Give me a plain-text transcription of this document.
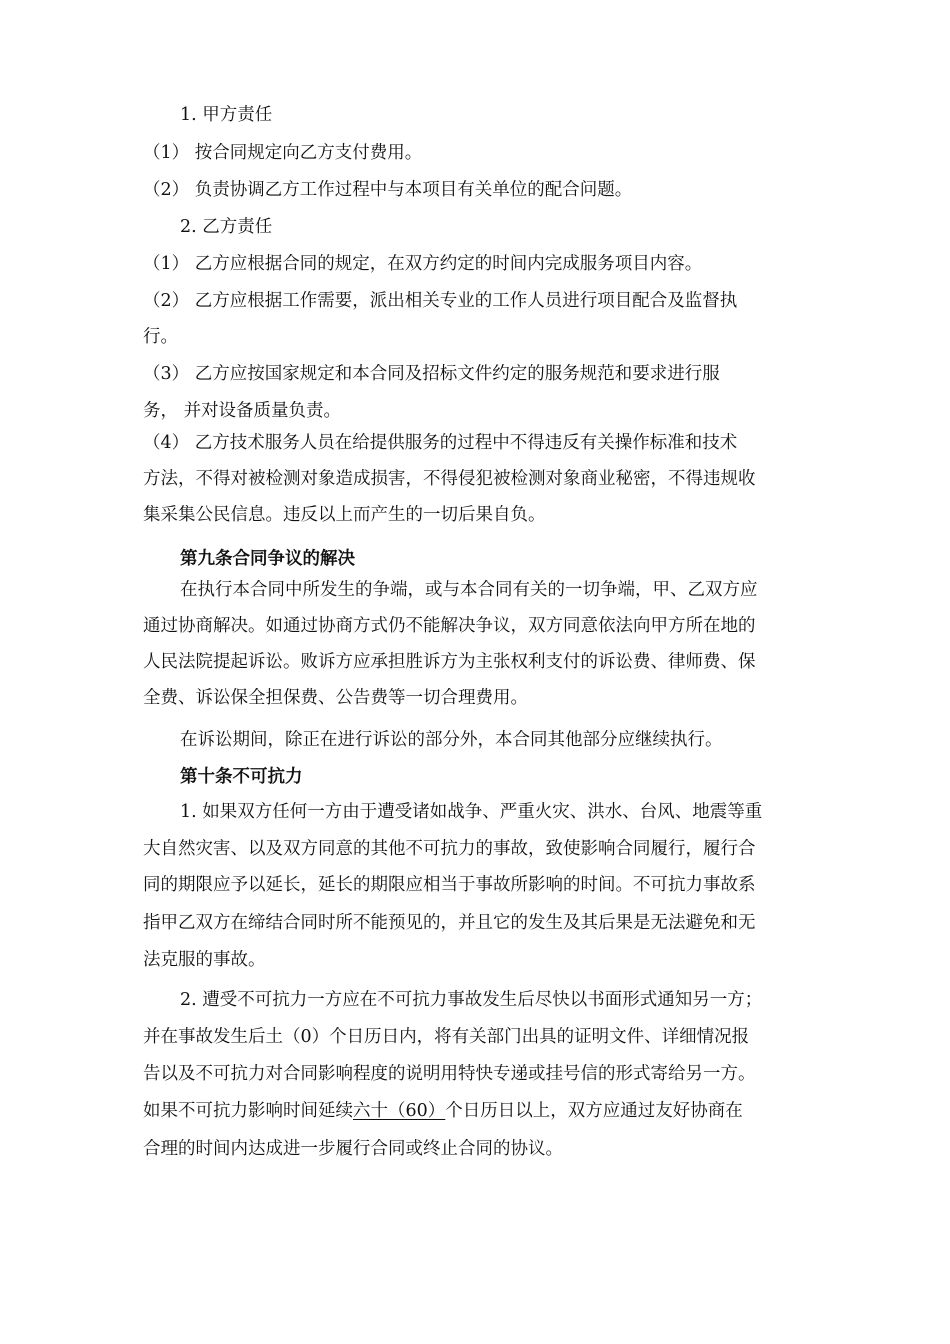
1. 甲方责任
（1） 按合同规定向乙方支付费用。
（2） 负责协调乙方工作过程中与本项目有关单位的配合问题。
2. 乙方责任
（1） 乙方应根据合同的规定，在双方约定的时间内完成服务项目内容。
（2） 乙方应根据工作需要，派出相关专业的工作人员进行项目配合及监督执
行。
（3） 乙方应按国家规定和本合同及招标文件约定的服务规范和要求进行服
务， 并对设备质量负责。
（4） 乙方技术服务人员在给提供服务的过程中不得违反有关操作标准和技术
方法，不得对被检测对象造成损害，不得侵犯被检测对象商业秘密，不得违规收
集采集公民信息。违反以上而产生的一切后果自负。
第九条合同争议的解决
在执行本合同中所发生的争端，或与本合同有关的一切争端，甲、乙双方应
通过协商解决。如通过协商方式仍不能解决争议，双方同意依法向甲方所在地的
人民法院提起诉讼。败诉方应承担胜诉方为主张权利支付的诉讼费、律师费、保
全费、诉讼保全担保费、公告费等一切合理费用。
在诉讼期间，除正在进行诉讼的部分外，本合同其他部分应继续执行。
第十条不可抗力
1. 如果双方任何一方由于遭受诸如战争、严重火灾、洪水、台风、地震等重
大自然灾害、以及双方同意的其他不可抗力的事故，致使影响合同履行，履行合
同的期限应予以延长，延长的期限应相当于事故所影响的时间。不可抗力事故系
指甲乙双方在缔结合同时所不能预见的，并且它的发生及其后果是无法避免和无
法克服的事故。
2. 遭受不可抗力一方应在不可抗力事故发生后尽快以书面形式通知另一方；
并在事故发生后土（0）个日历日内，将有关部门出具的证明文件、详细情况报
告以及不可抗力对合同影响程度的说明用特快专递或挂号信的形式寄给另一方。
如果不可抗力影响时间延续六十（60）个日历日以上，双方应通过友好协商在
合理的时间内达成进一步履行合同或终止合同的协议。
